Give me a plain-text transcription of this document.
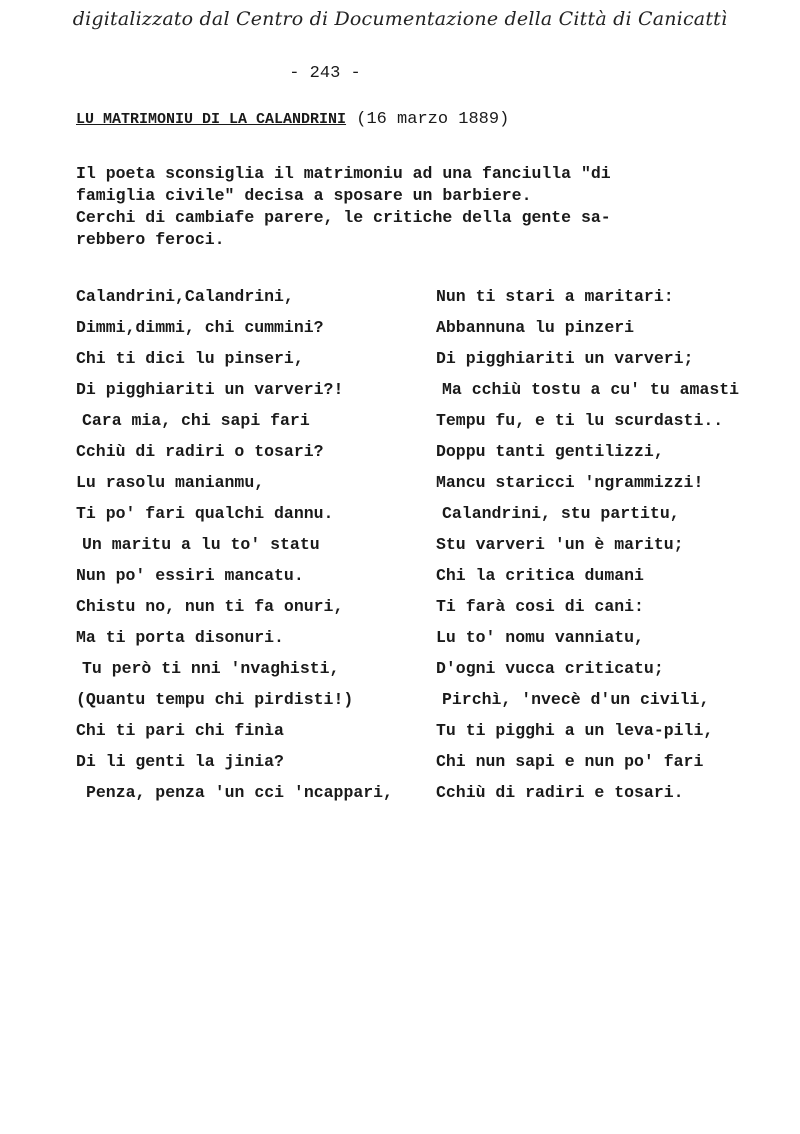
digitalizzato dal Centro di Documentazione della Città di Canicattì
- 243 -
LU MATRIMONIU DI LA CALANDRINI (16 marzo 1889)
Il poeta sconsiglia il matrimoniu ad una fanciulla "di
famiglia civile" decisa a sposare un barbiere.
Cerchi di cambiafe parere, le critiche della gente sa-
rebbero feroci.
Calandrini,Calandrini,
Dimmi,dimmi, chi cummini?
Chi ti dici lu pinseri,
Di pigghiariti un varveri?!
Cara mia, chi sapi fari
Cchiù di radiri o tosari?
Lu rasolu manianmu,
Ti po' fari qualchi dannu.
Un maritu a lu to' statu
Nun po' essiri mancatu.
Chistu no, nun ti fa onuri,
Ma ti porta disonuri.
Tu però ti nni 'nvaghisti,
(Quantu tempu chi pirdisti!)
Chi ti pari chi finìa
Di li genti la jinia?
Penza, penza 'un cci 'ncappari,
Nun ti stari a maritari:
Abbannuna lu pinzeri
Di pigghiariti un varveri;
Ma cchiù tostu a cu' tu amasti
Tempu fu, e ti lu scurdasti..
Doppu tanti gentilizzi,
Mancu staricci 'ngrammizzi!
Calandrini, stu partitu,
Stu varveri 'un è maritu;
Chi la critica dumani
Ti farà cosi di cani:
Lu to' nomu vanniatu,
D'ogni vucca criticatu;
Pirchì, 'nvecè d'un civili,
Tu ti pigghi a un leva-pili,
Chi nun sapi e nun po' fari
Cchiù di radiri e tosari.
